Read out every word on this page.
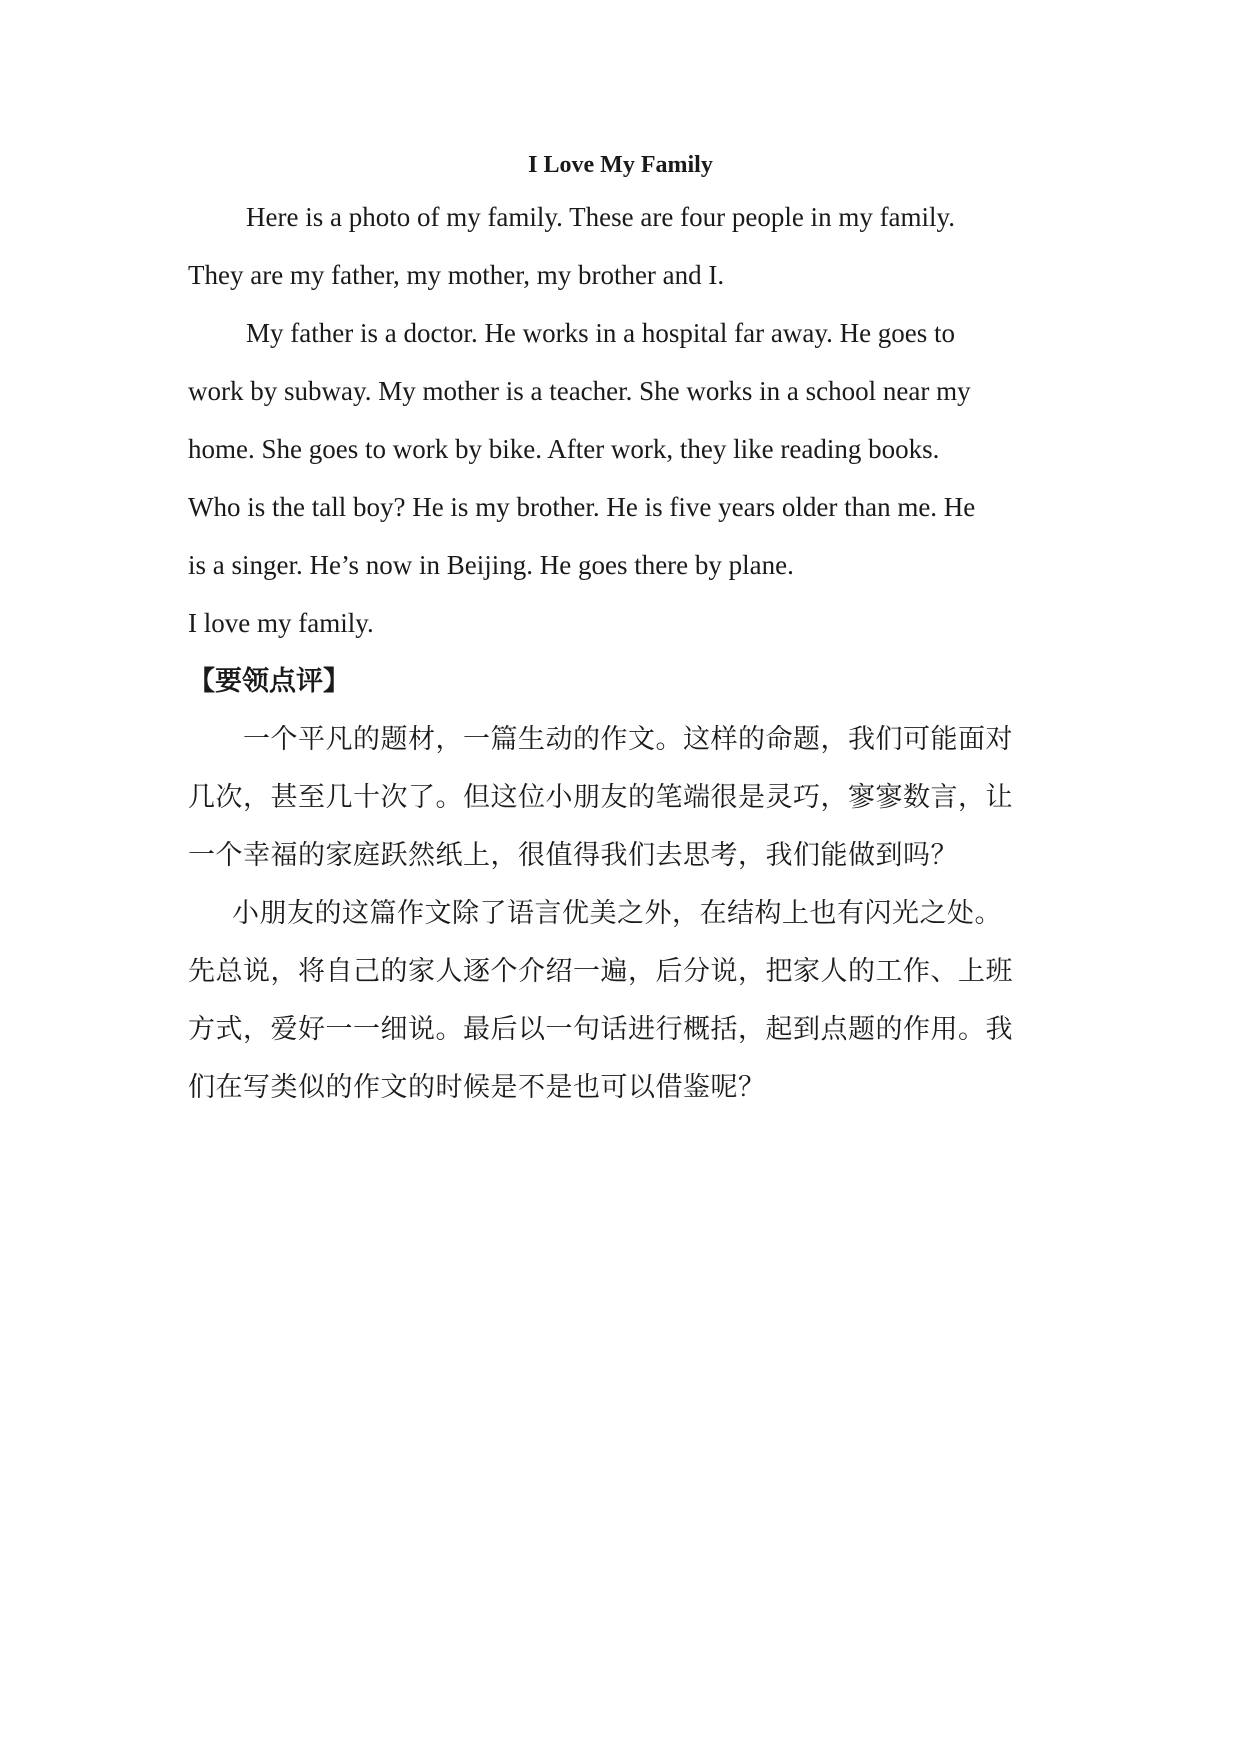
I Love My Family
Here is a photo of my family. These are four people in my family.
They are my father, my mother, my brother and I.
My father is a doctor. He works in a hospital far away. He goes to
work by subway. My mother is a teacher. She works in a school near my
home. She goes to work by bike. After work, they like reading books.
Who is the tall boy? He is my brother. He is five years older than me. He
is a singer. He’s now in Beijing. He goes there by plane.
I love my family.
【要领点评】
一个平凡的题材，一篇生动的作文。这样的命题，我们可能面对
几次，甚至几十次了。但这位小朋友的笔端很是灵巧，寥寥数言，让
一个幸福的家庭跃然纸上，很值得我们去思考，我们能做到吗？
小朋友的这篇作文除了语言优美之外，在结构上也有闪光之处。
先总说，将自己的家人逐个介绍一遍，后分说，把家人的工作、上班
方式，爱好一一细说。最后以一句话进行概括，起到点题的作用。我
们在写类似的作文的时候是不是也可以借鉴呢？
